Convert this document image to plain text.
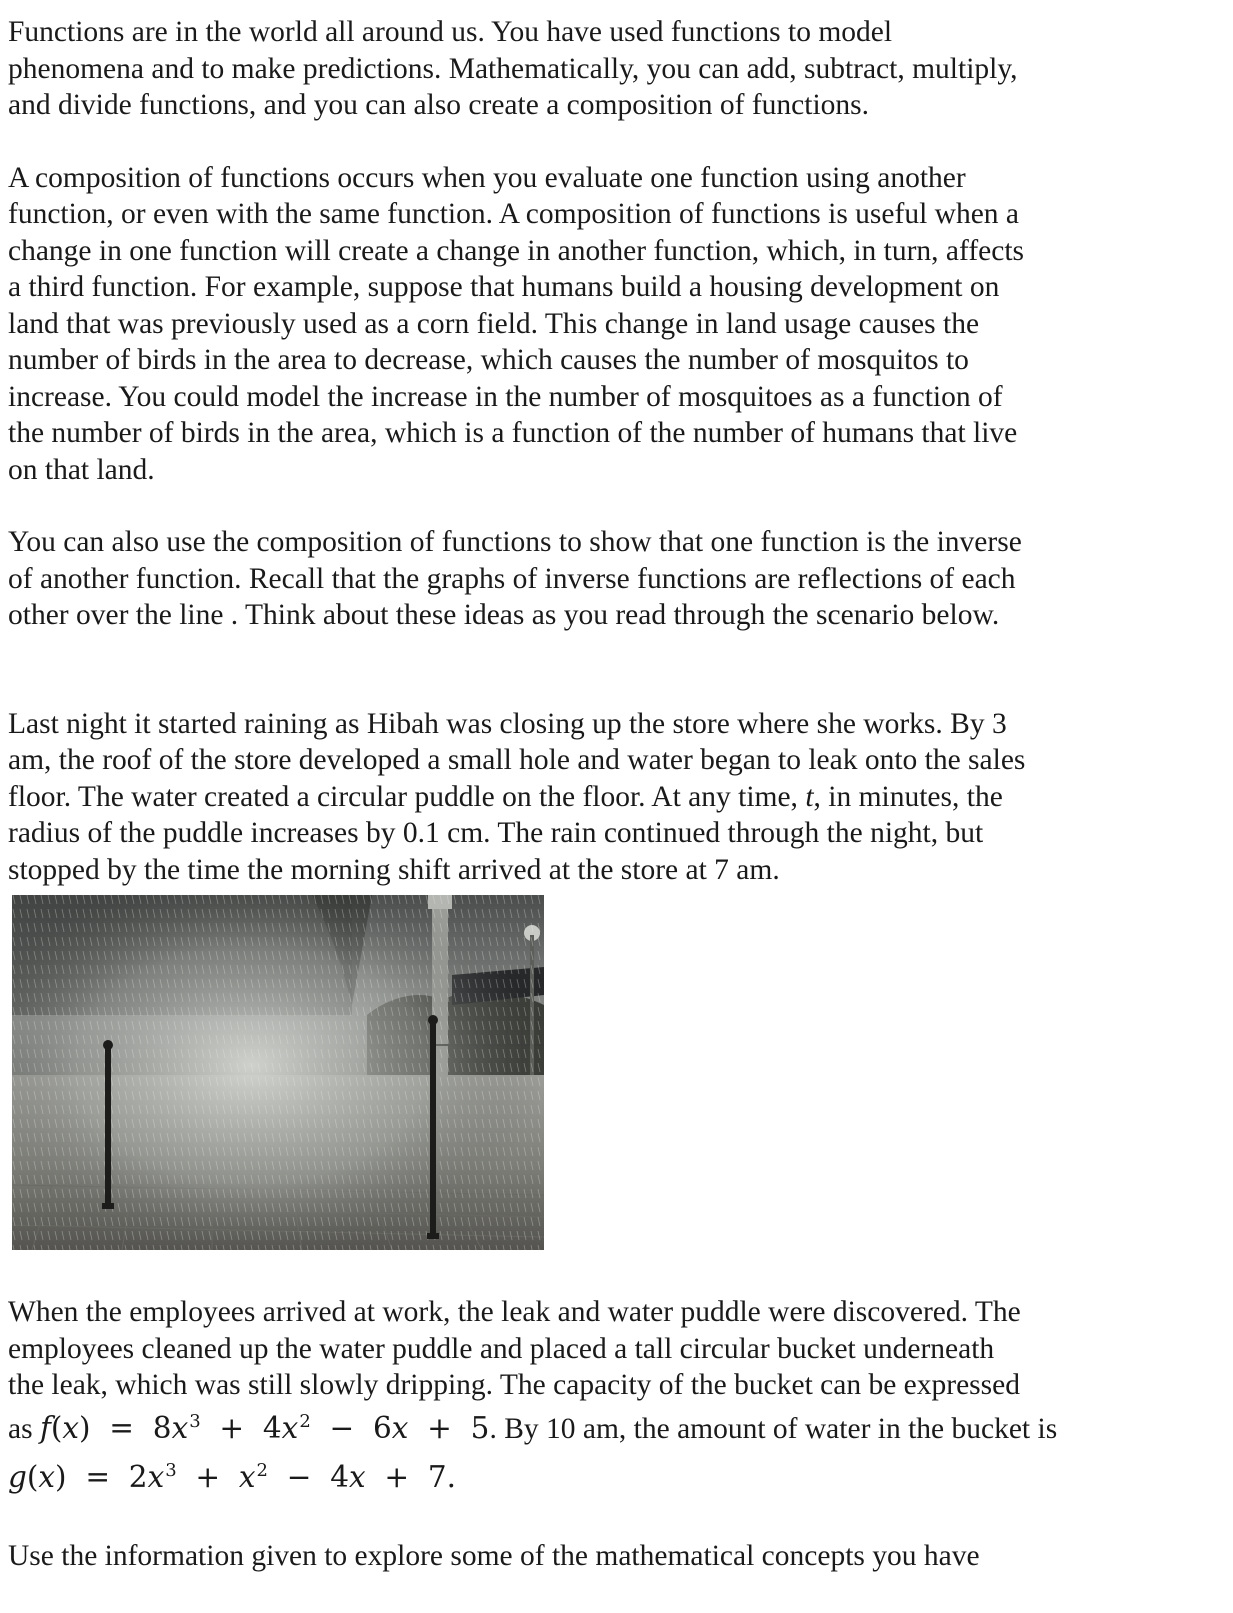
Functions are in the world all around us. You have used functions to model
phenomena and to make predictions. Mathematically, you can add, subtract, multiply,
and divide functions, and you can also create a composition of functions.

A composition of functions occurs when you evaluate one function using another
function, or even with the same function. A composition of functions is useful when a
change in one function will create a change in another function, which, in turn, affects
a third function. For example, suppose that humans build a housing development on
land that was previously used as a corn field. This change in land usage causes the
number of birds in the area to decrease, which causes the number of mosquitos to
increase. You could model the increase in the number of mosquitoes as a function of
the number of birds in the area, which is a function of the number of humans that live
on that land.

You can also use the composition of functions to show that one function is the inverse
of another function. Recall that the graphs of inverse functions are reflections of each
other over the line . Think about these ideas as you read through the scenario below.

Last night it started raining as Hibah was closing up the store where she works. By 3
am, the roof of the store developed a small hole and water began to leak onto the sales
floor. The water created a circular puddle on the floor. At any time, t, in minutes, the
radius of the puddle increases by 0.1 cm. The rain continued through the night, but
stopped by the time the morning shift arrived at the store at 7 am.

When the employees arrived at work, the leak and water puddle were discovered. The
employees cleaned up the water puddle and placed a tall circular bucket underneath
the leak, which was still slowly dripping. The capacity of the bucket can be expressed
as $f(x) = 8x^3 + 4x^2 - 6x + 5$. By 10 am, the amount of water in the bucket is
$g(x) = 2x^3 + x^2 - 4x + 7$.

Use the information given to explore some of the mathematical concepts you have
